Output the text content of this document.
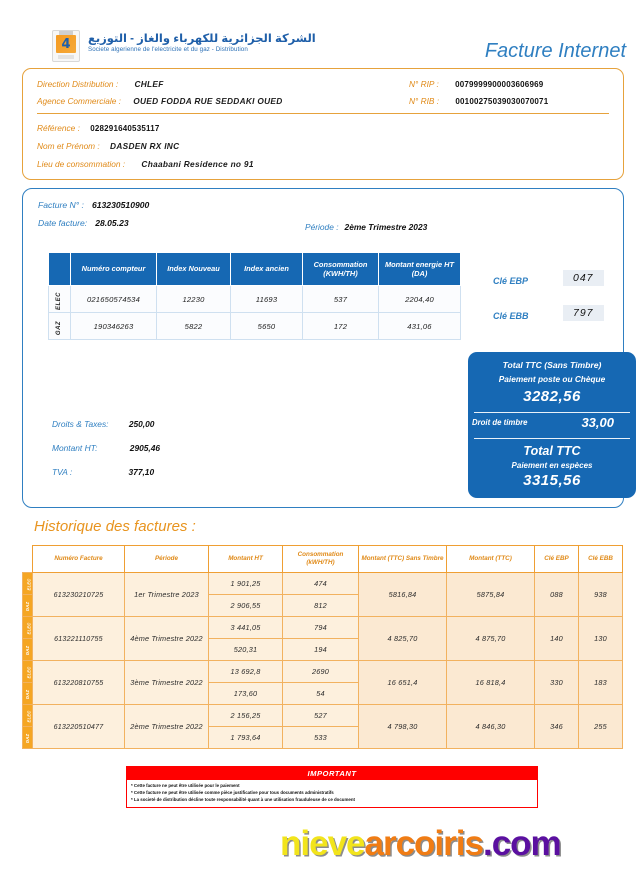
4 الشركة الجزائرية للكهرباء والغاز - التوزيع
Societe algerienne de l'electricite et du gaz - Distribution	Facture Internet
Direction Distribution : CHLEF
Agence Commerciale : OUED FODDA RUE SEDDAKI OUED
N° RIP : 0079999900003606969
N° RIB : 00100275039030070071
Référence : 028291640535117
Nom et Prénom : DASDEN RX INC
Lieu de consommation : Chaabani Residence no 91
Facture N° : 613230510900
Date facture: 28.05.23	Période : 2ème Trimestre 2023
	Numéro compteur	Index Nouveau	Index ancien	Consommation (KWH/TH)	Montant energie HT (DA)
ELEC	021650574534	12230	11693	537	2204,40
GAZ	190346263	5822	5650	172	431,06
Clé EBP	047
Clé EBB	797
Droits & Taxes: 250,00
Montant HT:	2905,46
TVA :	377,10
Total TTC (Sans Timbre)
Paiement poste ou Chèque
3282,56
Droit de timbre	33,00
Total TTC
Paiement en espèces
3315,56
Historique des factures :
	Numéro Facture	Période	Montant HT	Consommation (kWH/TH)	Montant (TTC) Sans Timbre	Montant (TTC)	Clé EBP	Clé EBB
ELEC	613230210725	1er Trimestre 2023	1 901,25	474	5816,84	5875,84	088	938
GAZ			2 906,55	812				
ELEC	613221110755	4ème Trimestre 2022	3 441,05	794	4 825,70	4 875,70	140	130
GAZ			520,31	194				
ELEC	613220810755	3ème Trimestre 2022	13 692,8	2690	16 651,4	16 818,4	330	183
GAZ			173,60	54				
ELEC	613220510477	2ème Trimestre 2022	2 156,25	527	4 798,30	4 846,30	346	255
GAZ			1 793,64	533				
IMPORTANT
* Cette facture ne peut être utilisée pour le paiement
* Cette facture ne peut être utilisée comme pièce justificative pour tous documents administratifs
* La societé de distribution décline toute responsabilité quant à une utilisation frauduleuse de ce document
nievearcoiris.com
